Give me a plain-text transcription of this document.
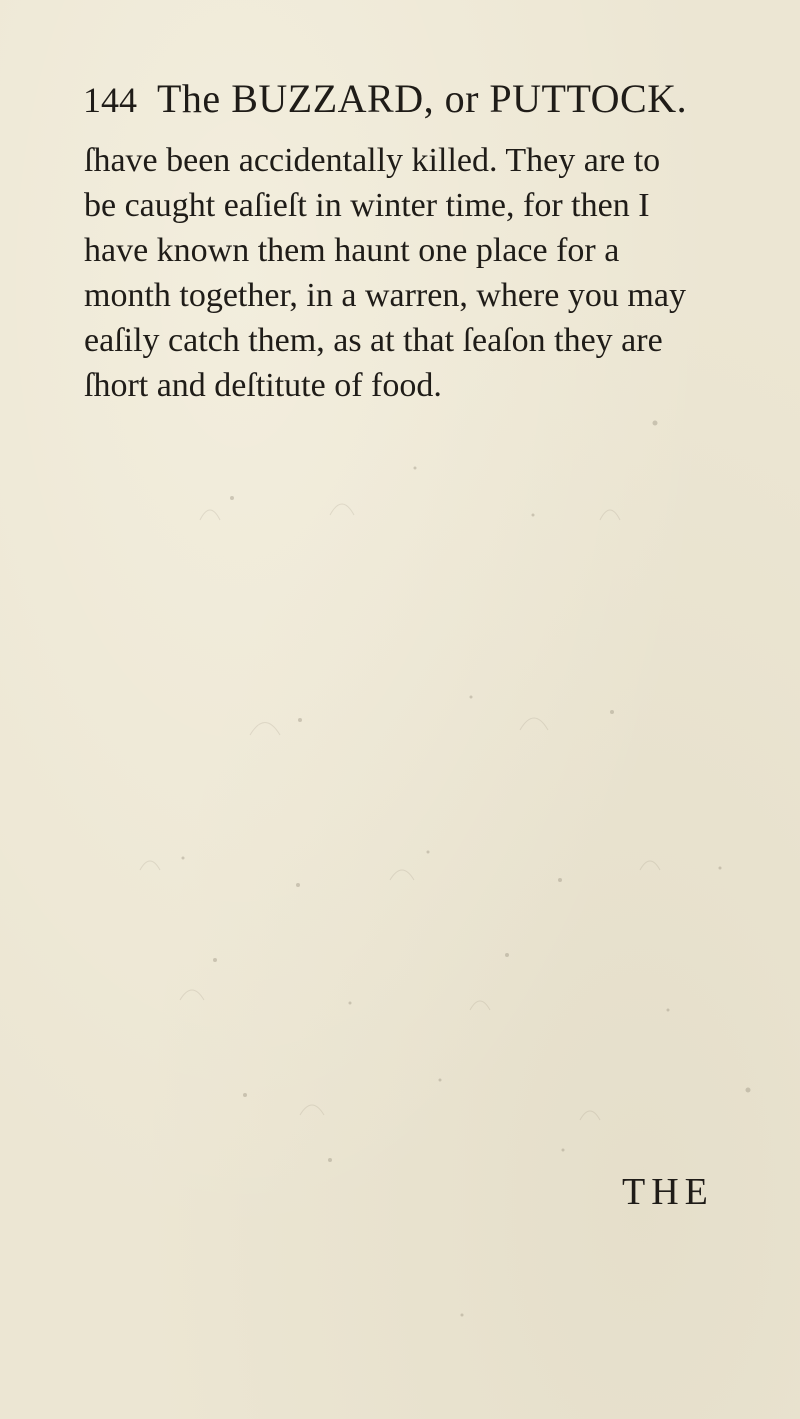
144 The BUZZARD, or PUTTOCK.
ſhave been accidentally killed. They are to
be caught eaſieſt in winter time, for then I
have known them haunt one place for a
month together, in a warren, where you may
eaſily catch them, as at that ſeaſon they are
ſhort and deſtitute of food.
THE
